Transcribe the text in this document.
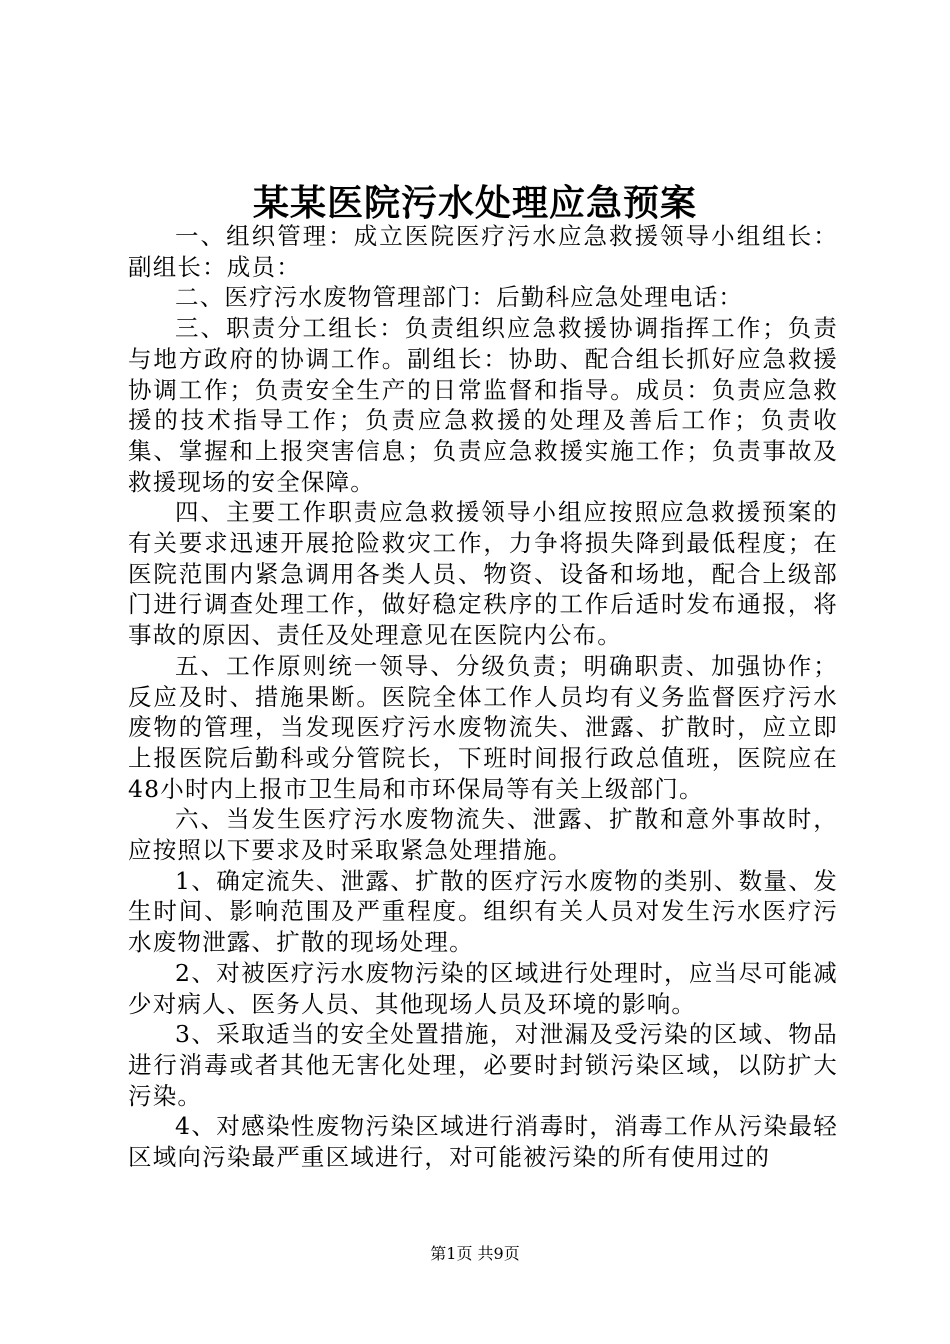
某某医院污水处理应急预案

一、组织管理：成立医院医疗污水应急救援领导小组组长：副组长：成员：

二、医疗污水废物管理部门：后勤科应急处理电话：

三、职责分工组长：负责组织应急救援协调指挥工作；负责与地方政府的协调工作。副组长：协助、配合组长抓好应急救援协调工作；负责安全生产的日常监督和指导。成员：负责应急救援的技术指导工作；负责应急救援的处理及善后工作；负责收集、掌握和上报突害信息；负责应急救援实施工作；负责事故及救援现场的安全保障。

四、主要工作职责应急救援领导小组应按照应急救援预案的有关要求迅速开展抢险救灾工作，力争将损失降到最低程度；在医院范围内紧急调用各类人员、物资、设备和场地，配合上级部门进行调查处理工作，做好稳定秩序的工作后适时发布通报，将事故的原因、责任及处理意见在医院内公布。

五、工作原则统一领导、分级负责；明确职责、加强协作；反应及时、措施果断。医院全体工作人员均有义务监督医疗污水废物的管理，当发现医疗污水废物流失、泄露、扩散时，应立即上报医院后勤科或分管院长，下班时间报行政总值班，医院应在48小时内上报市卫生局和市环保局等有关上级部门。

六、当发生医疗污水废物流失、泄露、扩散和意外事故时，应按照以下要求及时采取紧急处理措施。

1、确定流失、泄露、扩散的医疗污水废物的类别、数量、发生时间、影响范围及严重程度。组织有关人员对发生污水医疗污水废物泄露、扩散的现场处理。

2、对被医疗污水废物污染的区域进行处理时，应当尽可能减少对病人、医务人员、其他现场人员及环境的影响。

3、采取适当的安全处置措施，对泄漏及受污染的区域、物品进行消毒或者其他无害化处理，必要时封锁污染区域，以防扩大污染。

4、对感染性废物污染区域进行消毒时，消毒工作从污染最轻区域向污染最严重区域进行，对可能被污染的所有使用过的

第1页 共9页
